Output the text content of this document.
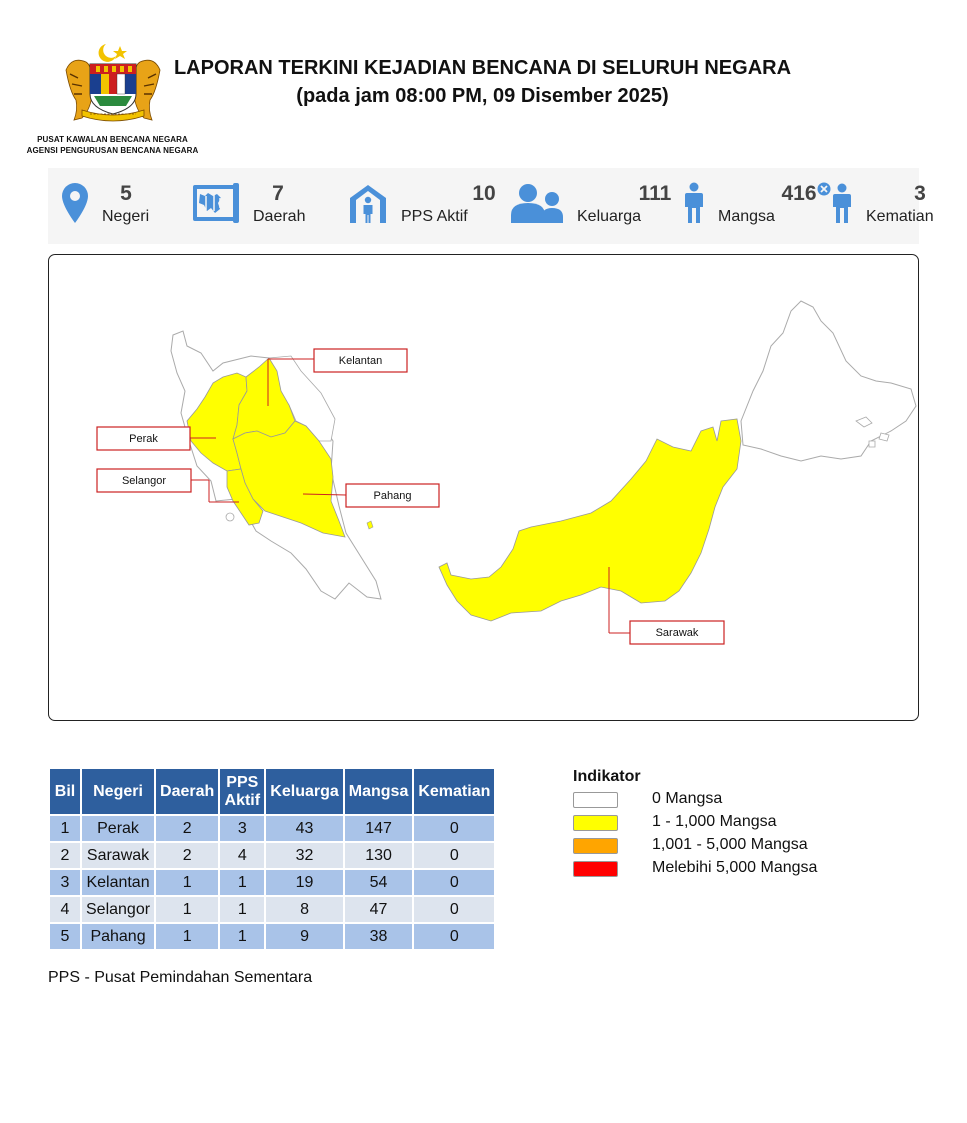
PUSAT KAWALAN BENCANA NEGARA
AGENSI PENGURUSAN BENCANA NEGARA
LAPORAN TERKINI KEJADIAN BENCANA DI SELURUH NEGARA
(pada jam 08:00 PM, 09 Disember 2025)
5
Negeri
7
Daerah
10
PPS Aktif
111
Keluarga
416
Mangsa
3
Kematian
Kelantan
Perak
Selangor
Pahang
Sarawak
Bil	Negeri	Daerah	PPS Aktif	Keluarga	Mangsa	Kematian
1	Perak	2	3	43	147	0
2	Sarawak	2	4	32	130	0
3	Kelantan	1	1	19	54	0
4	Selangor	1	1	8	47	0
5	Pahang	1	1	9	38	0
PPS - Pusat Pemindahan Sementara
Indikator
0 Mangsa
1 - 1,000 Mangsa
1,001 - 5,000 Mangsa
Melebihi 5,000 Mangsa
